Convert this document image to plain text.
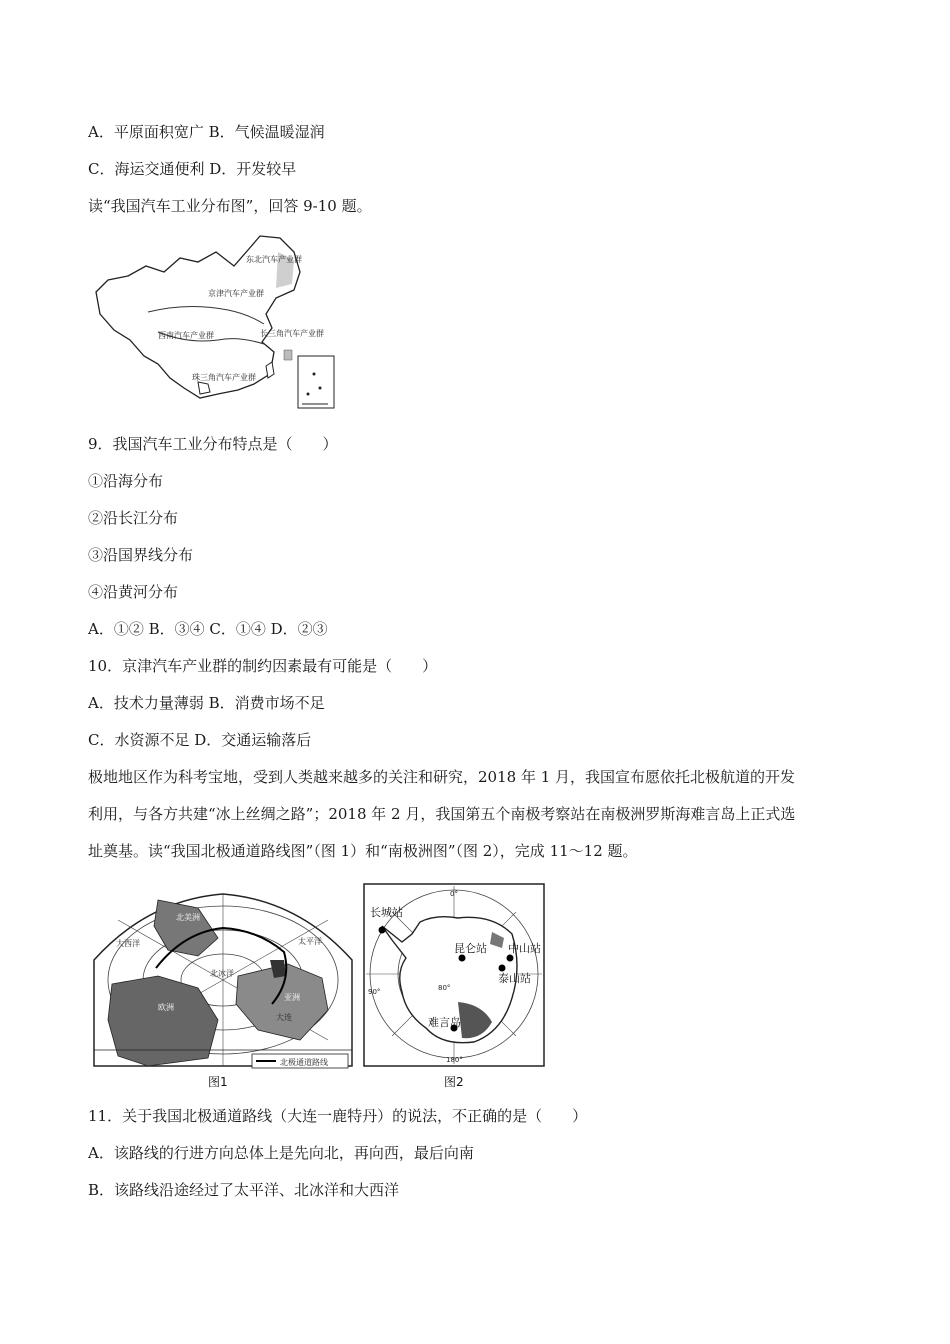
A．平原面积宽广 B．气候温暖湿润
C．海运交通便利 D．开发较早
读“我国汽车工业分布图”，回答 9-10 题。
东北汽车产业群
京津汽车产业群
西南汽车产业群	长三角汽车产业群
珠三角汽车产业群
9．我国汽车工业分布特点是（　　）
①沿海分布
②沿长江分布
③沿国界线分布
④沿黄河分布
A．①② B．③④ C．①④ D．②③
10．京津汽车产业群的制约因素最有可能是（　　）
A．技术力量薄弱 B．消费市场不足
C．水资源不足 D．交通运输落后
极地地区作为科考宝地，受到人类越来越多的关注和研究，2018 年 1 月，我国宣布愿依托北极航道的开发
利用，与各方共建“冰上丝绸之路”；2018 年 2 月，我国第五个南极考察站在南极洲罗斯海难言岛上正式选
址奠基。读“我国北极通道路线图”（图 1）和“南极洲图”（图 2），完成 11～12 题。
北极通道路线
北美洲
太平洋
大西洋
亚洲
欧洲
北冰洋
大连
图1
长城站
昆仑站 中山站
泰山站
难言岛
0°
90°
180°
80°
图2
11．关于我国北极通道路线（大连一鹿特丹）的说法，不正确的是（　　）
A．该路线的行进方向总体上是先向北，再向西，最后向南
B．该路线沿途经过了太平洋、北冰洋和大西洋
